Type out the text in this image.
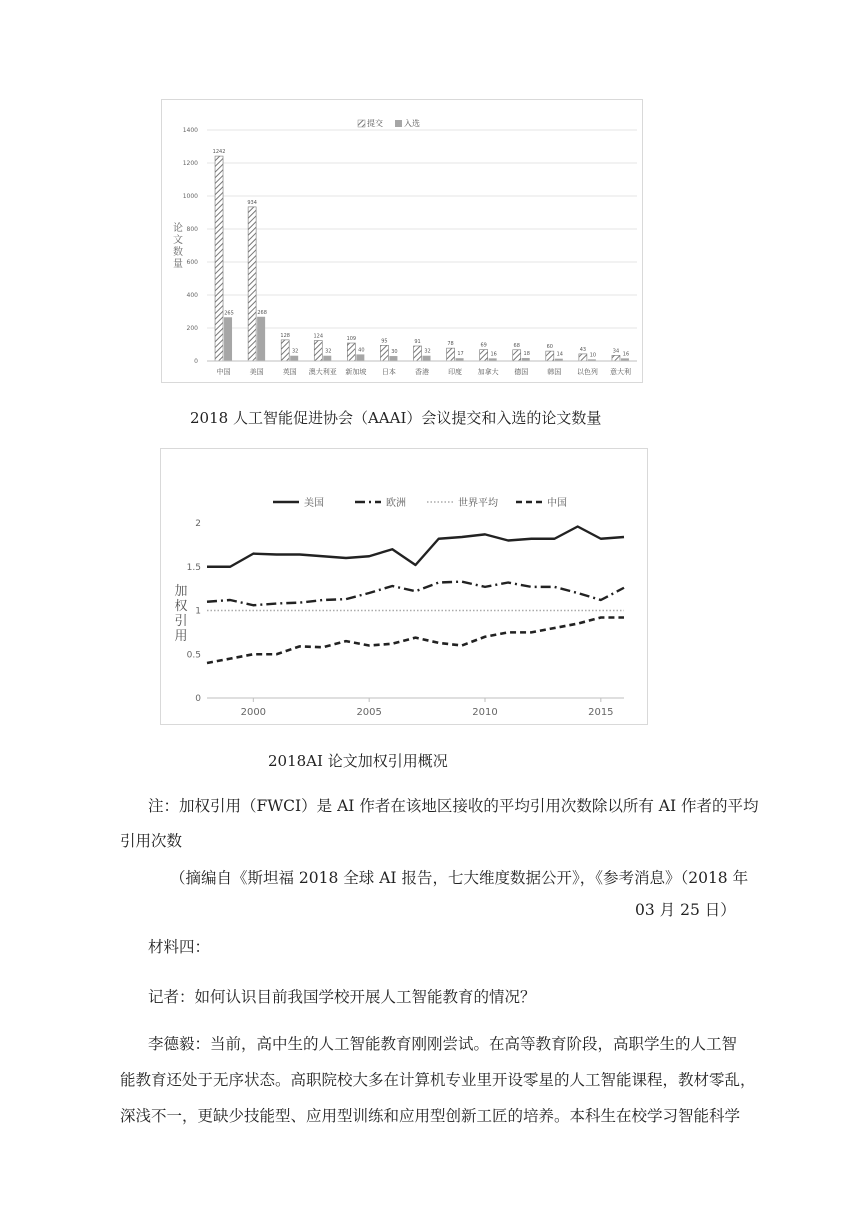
0
200
400
600
800
1000
1200
1400
论
文
数
量
提交	入选
1242
265
中国
934
268
美国
128
32
英国
124
32
澳大利亚
109
40
新加坡
95
30
日本
91
32
香港
78
17
印度
69
16
加拿大
68
18
德国
60
14
韩国
43
10
以色列
34 16
意大利
2018 人工智能促进协会（AAAI）会议提交和入选的论文数量
0
0.5
1
1.5
2
加
权
引
用
2000	2005	2010	2015
美国	欧洲	世界平均	中国
2018AI 论文加权引用概况
注：加权引用（FWCI）是 AI 作者在该地区接收的平均引用次数除以所有 AI 作者的平均
引用次数
（摘编自《斯坦福 2018 全球 AI 报告，七大维度数据公开》，《参考消息》（2018 年
03 月 25 日）
材料四：
记者：如何认识目前我国学校开展人工智能教育的情况？
李德毅：当前，高中生的人工智能教育刚刚尝试。在高等教育阶段，高职学生的人工智
能教育还处于无序状态。高职院校大多在计算机专业里开设零星的人工智能课程，教材零乱，
深浅不一，更缺少技能型、应用型训练和应用型创新工匠的培养。本科生在校学习智能科学
